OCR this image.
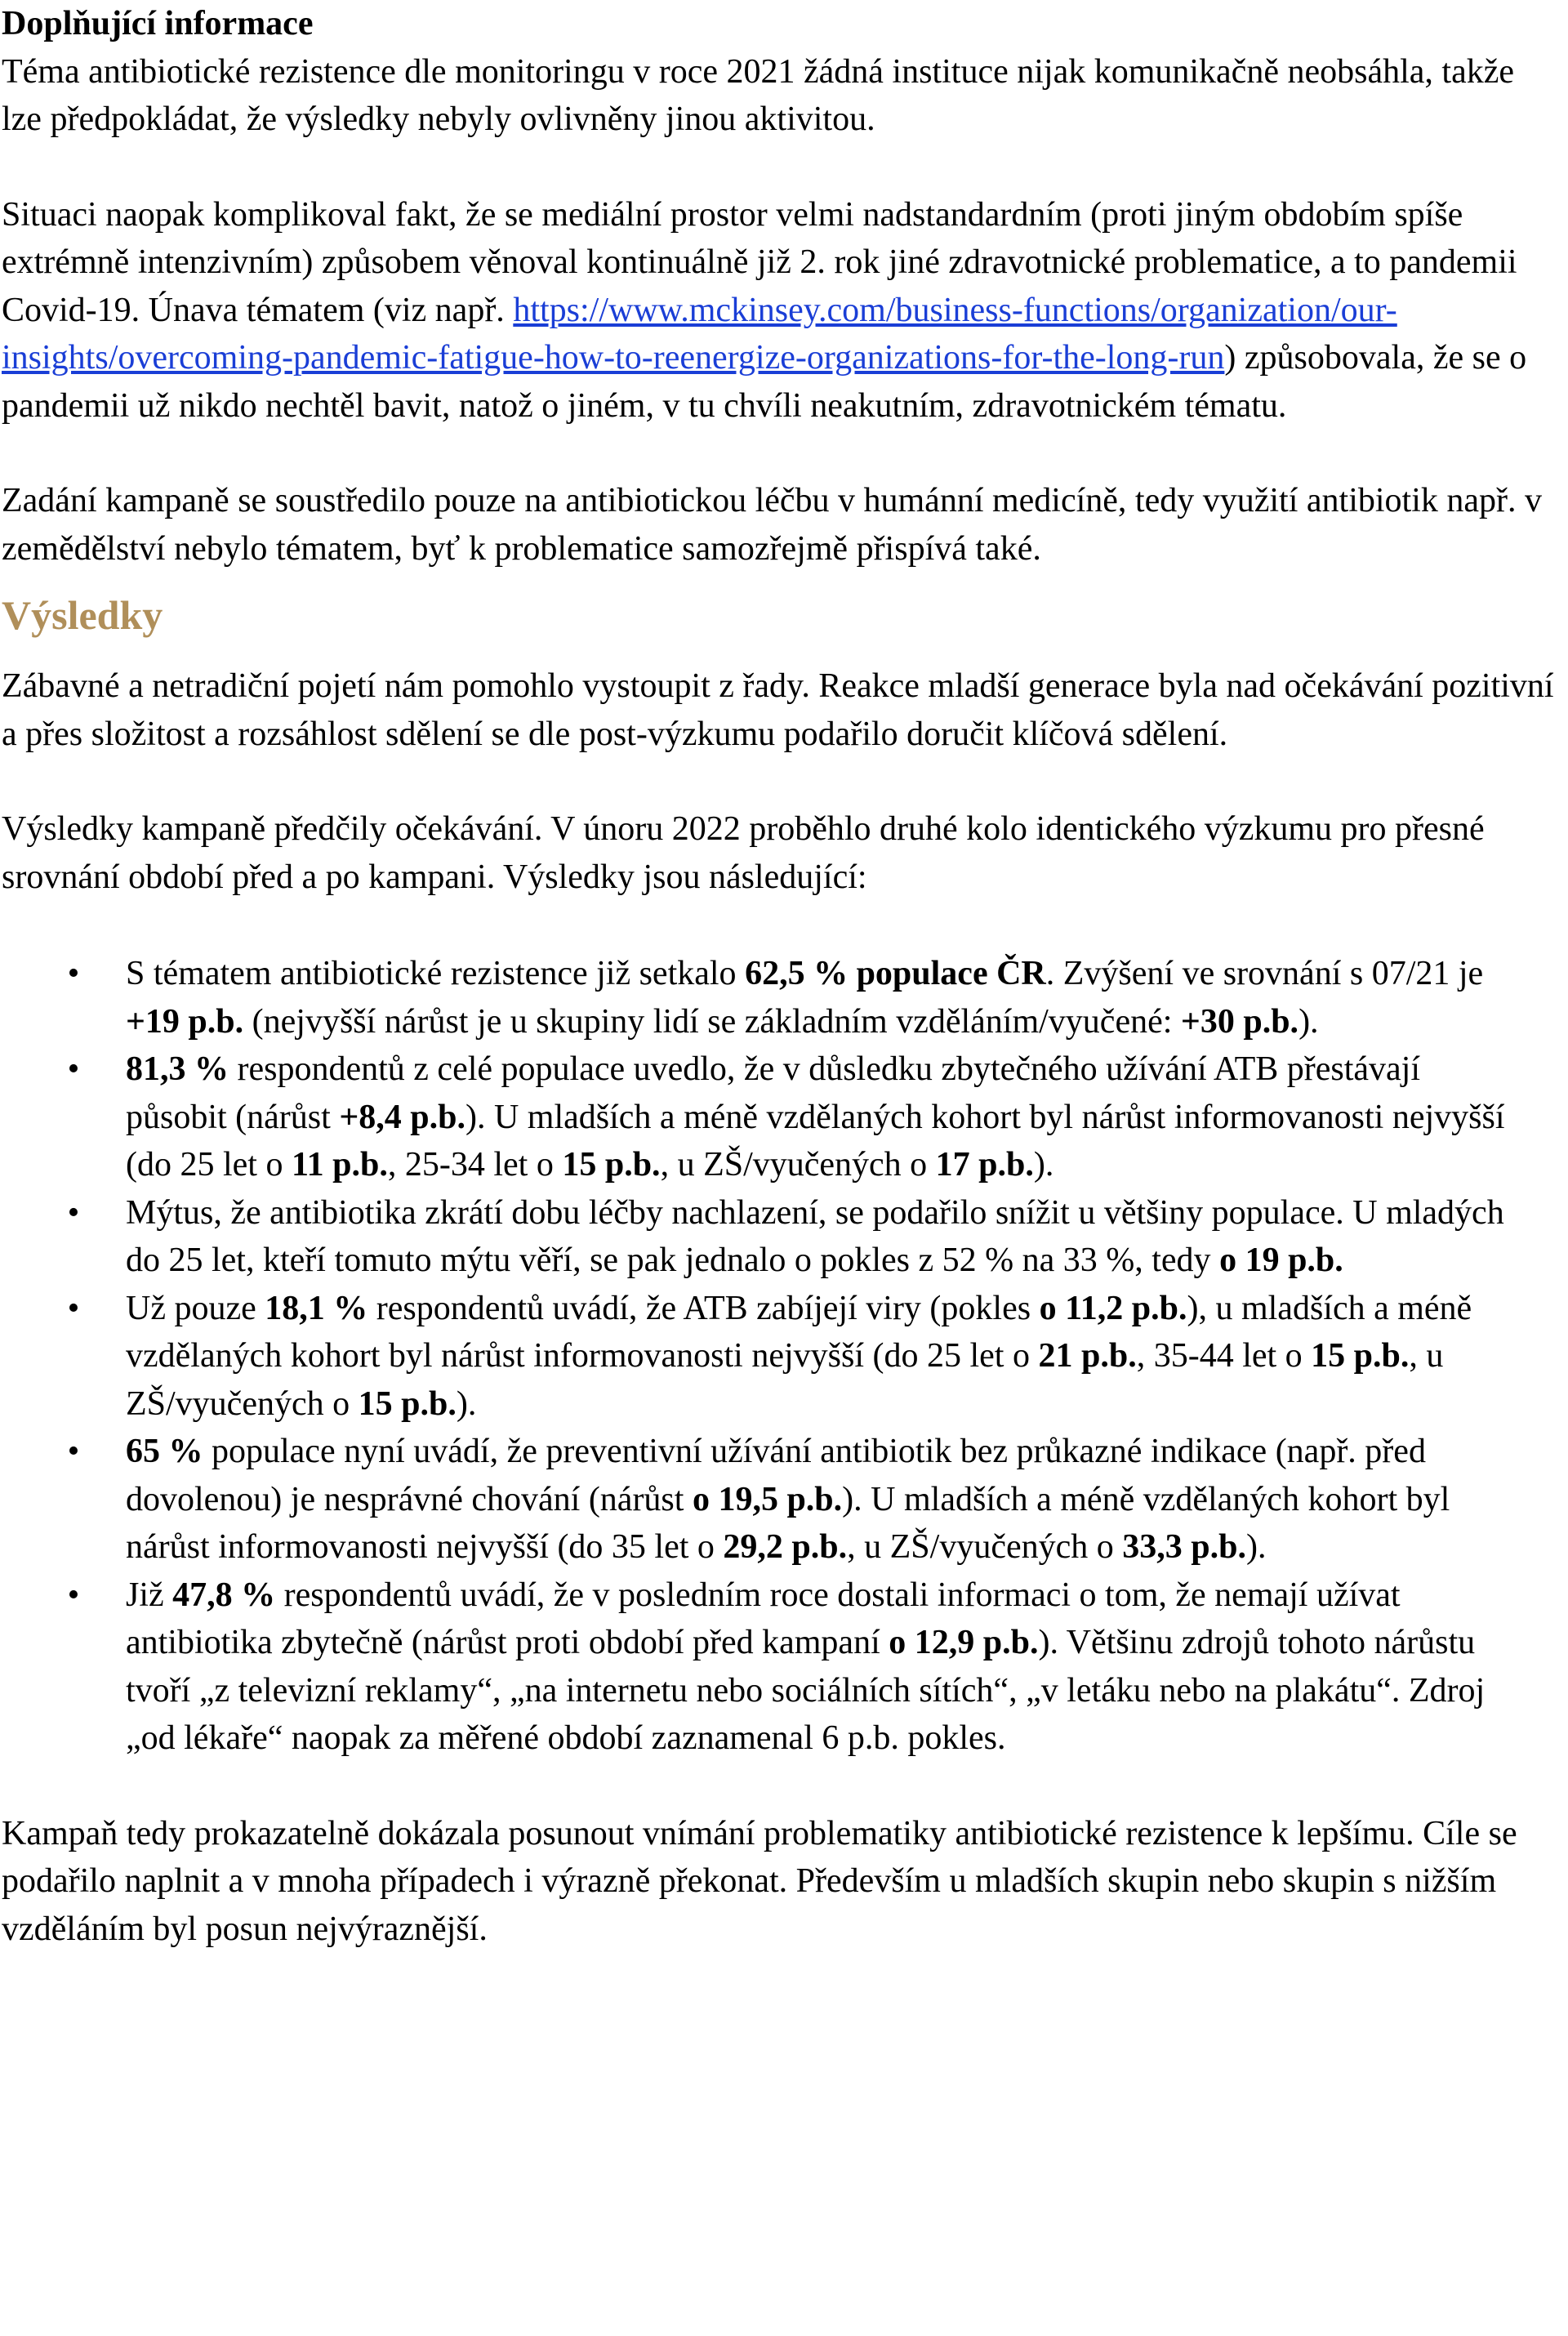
Doplňující informace

Téma antibiotické rezistence dle monitoringu v roce 2021 žádná instituce nijak komunikačně neobsáhla, takže lze předpokládat, že výsledky nebyly ovlivněny jinou aktivitou.

Situaci naopak komplikoval fakt, že se mediální prostor velmi nadstandardním (proti jiným obdobím spíše extrémně intenzivním) způsobem věnoval kontinuálně již 2. rok jiné zdravotnické problematice, a to pandemii Covid-19. Únava tématem (viz např. https://www.mckinsey.com/business-functions/organization/our-insights/overcoming-pandemic-fatigue-how-to-reenergize-organizations-for-the-long-run) způsobovala, že se o pandemii už nikdo nechtěl bavit, natož o jiném, v tu chvíli neakutním, zdravotnickém tématu.

Zadání kampaně se soustředilo pouze na antibiotickou léčbu v humánní medicíně, tedy využití antibiotik např. v zemědělství nebylo tématem, byť k problematice samozřejmě přispívá také.

Výsledky

Zábavné a netradiční pojetí nám pomohlo vystoupit z řady. Reakce mladší generace byla nad očekávání pozitivní a přes složitost a rozsáhlost sdělení se dle post-výzkumu podařilo doručit klíčová sdělení.

Výsledky kampaně předčily očekávání. V únoru 2022 proběhlo druhé kolo identického výzkumu pro přesné srovnání období před a po kampani. Výsledky jsou následující:

• S tématem antibiotické rezistence již setkalo 62,5 % populace ČR. Zvýšení ve srovnání s 07/21 je +19 p.b. (nejvyšší nárůst je u skupiny lidí se základním vzděláním/vyučené: +30 p.b.).
• 81,3 % respondentů z celé populace uvedlo, že v důsledku zbytečného užívání ATB přestávají působit (nárůst +8,4 p.b.). U mladších a méně vzdělaných kohort byl nárůst informovanosti nejvyšší (do 25 let o 11 p.b., 25-34 let o 15 p.b., u ZŠ/vyučených o 17 p.b.).
• Mýtus, že antibiotika zkrátí dobu léčby nachlazení, se podařilo snížit u většiny populace. U mladých do 25 let, kteří tomuto mýtu věří, se pak jednalo o pokles z 52 % na 33 %, tedy o 19 p.b.
• Už pouze 18,1 % respondentů uvádí, že ATB zabíjejí viry (pokles o 11,2 p.b.), u mladších a méně vzdělaných kohort byl nárůst informovanosti nejvyšší (do 25 let o 21 p.b., 35-44 let o 15 p.b., u ZŠ/vyučených o 15 p.b.).
• 65 % populace nyní uvádí, že preventivní užívání antibiotik bez průkazné indikace (např. před dovolenou) je nesprávné chování (nárůst o 19,5 p.b.). U mladších a méně vzdělaných kohort byl nárůst informovanosti nejvyšší (do 35 let o 29,2 p.b., u ZŠ/vyučených o 33,3 p.b.).
• Již 47,8 % respondentů uvádí, že v posledním roce dostali informaci o tom, že nemají užívat antibiotika zbytečně (nárůst proti období před kampaní o 12,9 p.b.). Většinu zdrojů tohoto nárůstu tvoří „z televizní reklamy“, „na internetu nebo sociálních sítích“, „v letáku nebo na plakátu“. Zdroj „od lékaře“ naopak za měřené období zaznamenal 6 p.b. pokles.

Kampaň tedy prokazatelně dokázala posunout vnímání problematiky antibiotické rezistence k lepšímu. Cíle se podařilo naplnit a v mnoha případech i výrazně překonat. Především u mladších skupin nebo skupin s nižším vzděláním byl posun nejvýraznější.
